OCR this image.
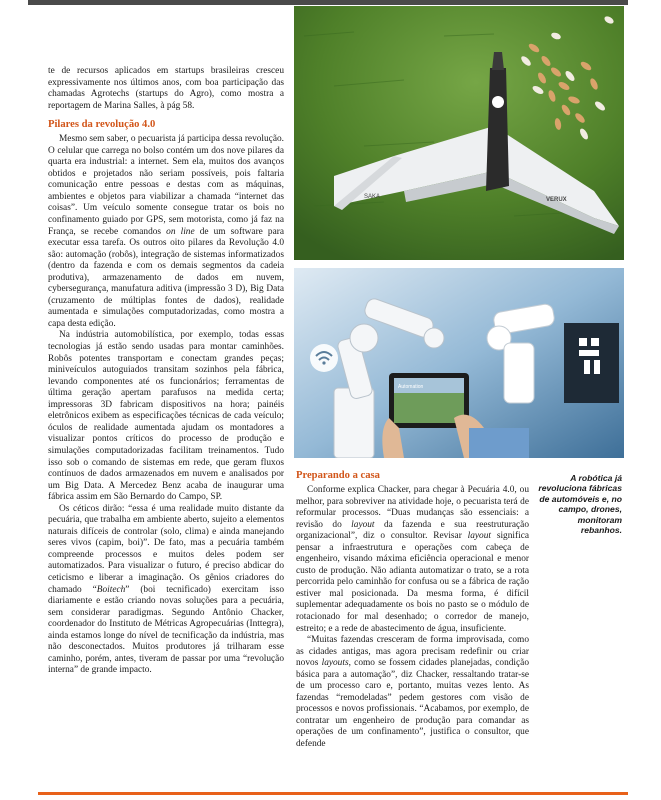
te de recursos aplicados em startups brasileiras cresceu expressivamente nos últimos anos, com boa participação das chamadas Agrotechs (startups do Agro), como mostra a reportagem de Marina Salles, à pág 58.

Pilares da revolução 4.0

Mesmo sem saber, o pecuarista já participa dessa revolução. O celular que carrega no bolso contém um dos nove pilares da quarta era industrial: a internet. Sem ela, muitos dos avanços obtidos e projetados não seriam possíveis, pois faltaria comunicação entre pessoas e destas com as máquinas, ambientes e objetos para viabilizar a chamada “internet das coisas”. Um veículo somente consegue tratar os bois no confinamento guiado por GPS, sem motorista, como já faz na França, se recebe comandos on line de um software para executar essa tarefa. Os outros oito pilares da Revolução 4.0 são: automação (robôs), integração de sistemas informatizados (dentro da fazenda e com os demais segmentos da cadeia produtiva), armazenamento de dados em nuvem, cybersegurança, manufatura aditiva (impressão 3 D), Big Data (cruzamento de múltiplas fontes de dados), realidade aumentada e simulações computadorizadas, como mostra a capa desta edição.

Na indústria automobilística, por exemplo, todas essas tecnologias já estão sendo usadas para montar caminhões. Robôs potentes transportam e conectam grandes peças; miniveículos autoguiados transitam sozinhos pela fábrica, levando componentes até os funcionários; ferramentas de última geração apertam parafusos na medida certa; impressoras 3D fabricam dispositivos na hora; painéis eletrônicos exibem as especificações técnicas de cada veículo; óculos de realidade aumentada ajudam os montadores a visualizar pontos críticos do processo de produção e simulações computadorizadas facilitam treinamentos. Tudo isso sob o comando de sistemas em rede, que geram fluxos contínuos de dados armazenados em nuvem e analisados por um Big Data. A Mercedez Benz acaba de inaugurar uma fábrica assim em São Bernardo do Campo, SP.

Os céticos dirão: “essa é uma realidade muito distante da pecuária, que trabalha em ambiente aberto, sujeito a elementos naturais difíceis de controlar (solo, clima) e ainda manejando seres vivos (capim, boi)”. De fato, mas a pecuária também compreende processos e muitos deles podem ser automatizados. Para visualizar o futuro, é preciso abdicar do ceticismo e liberar a imaginação. Os gênios criadores do chamado “Boitech” (boi tecnificado) exercitam isso diariamente e estão criando novas soluções para a pecuária, sem considerar paradigmas. Segundo Antônio Chacker, coordenador do Instituto de Métricas Agropecuárias (Inttegra), ainda estamos longe do nível de tecnificação da indústria, mas não desconectados. Muitos produtores já trilharam esse caminho, porém, antes, tiveram de passar por uma “revolução interna” de grande impacto.

SAKA	VERUX
Automation
Preparando a casa

Conforme explica Chacker, para chegar à Pecuária 4.0, ou melhor, para sobreviver na atividade hoje, o pecuarista terá de reformular processos. “Duas mudanças são essenciais: a revisão do layout da fazenda e sua reestruturação organizacional”, diz o consultor. Revisar layout significa pensar a infraestrutura e operações com cabeça de engenheiro, visando máxima eficiência operacional e menor custo de produção. Não adianta automatizar o trato, se a rota percorrida pelo caminhão for confusa ou se a fábrica de ração estiver mal posicionada. Da mesma forma, é difícil suplementar adequadamente os bois no pasto se o módulo de rotacionado for mal desenhado; o corredor de manejo, estreito; e a rede de abastecimento de água, insuficiente.

“Muitas fazendas cresceram de forma improvisada, como as cidades antigas, mas agora precisam redefinir ou criar novos layouts, como se fossem cidades planejadas, condição básica para a automação”, diz Chacker, ressaltando tratar-se de um processo caro e, portanto, muitas vezes lento. As fazendas “remodeladas” pedem gestores com visão de processos e novos profissionais. “Acabamos, por exemplo, de contratar um engenheiro de produção para comandar as operações de um confinamento”, justifica o consultor, que defende

A robótica já revoluciona fábricas de automóveis e, no campo, drones, monitoram rebanhos.
